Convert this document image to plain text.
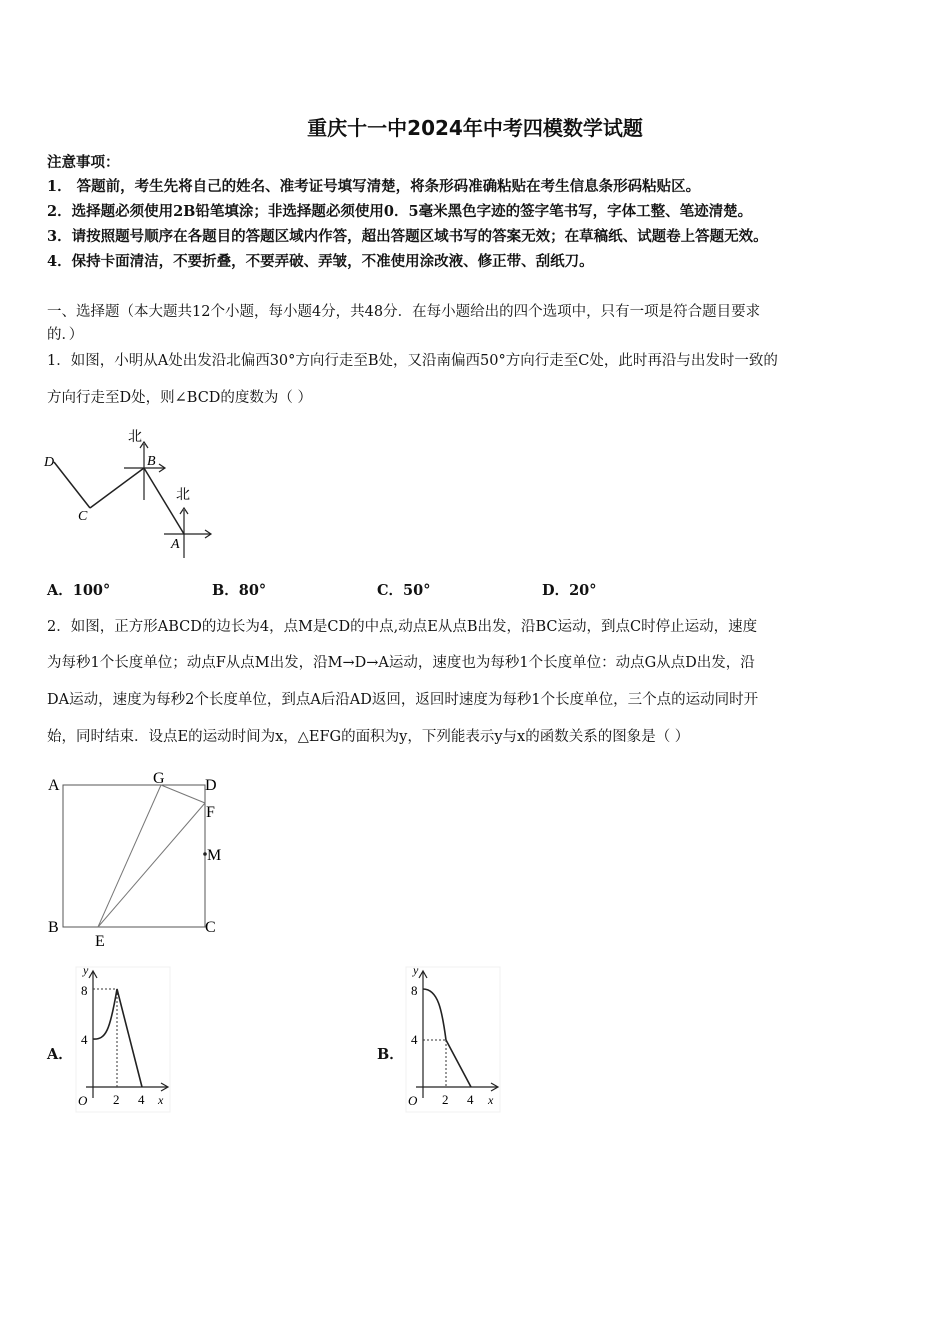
重庆十一中2024年中考四模数学试题
注意事项：
1． 答题前，考生先将自己的姓名、准考证号填写清楚，将条形码准确粘贴在考生信息条形码粘贴区。
2．选择题必须使用2B铅笔填涂；非选择题必须使用0．5毫米黑色字迹的签字笔书写，字体工整、笔迹清楚。
3．请按照题号顺序在各题目的答题区域内作答，超出答题区域书写的答案无效；在草稿纸、试题卷上答题无效。
4．保持卡面清洁，不要折叠，不要弄破、弄皱，不准使用涂改液、修正带、刮纸刀。
一、选择题（本大题共12个小题，每小题4分，共48分．在每小题给出的四个选项中，只有一项是符合题目要求
的．）
1．如图，小明从A处出发沿北偏西30°方向行走至B处，又沿南偏西50°方向行走至C处，此时再沿与出发时一致的
方向行走至D处，则∠BCD的度数为（ ）
北
北
D	B
C
A
A．100°	B．80°	C．50°	D．20°
2．如图，正方形ABCD的边长为4，点M是CD的中点,动点E从点B出发，沿BC运动，到点C时停止运动，速度
为每秒1个长度单位；动点F从点M出发，沿M→D→A运动，速度也为每秒1个长度单位：动点G从点D出发，沿
DA运动，速度为每秒2个长度单位，到点A后沿AD返回，返回时速度为每秒1个长度单位，三个点的运动同时开
始，同时结束．设点E的运动时间为x，△EFG的面积为y，下列能表示y与x的函数关系的图象是（ ）
A	G	D
F
M
B
E
C
A．
y
8
4
O 2 4 x
B．
y
8
4
O 2 4 x
